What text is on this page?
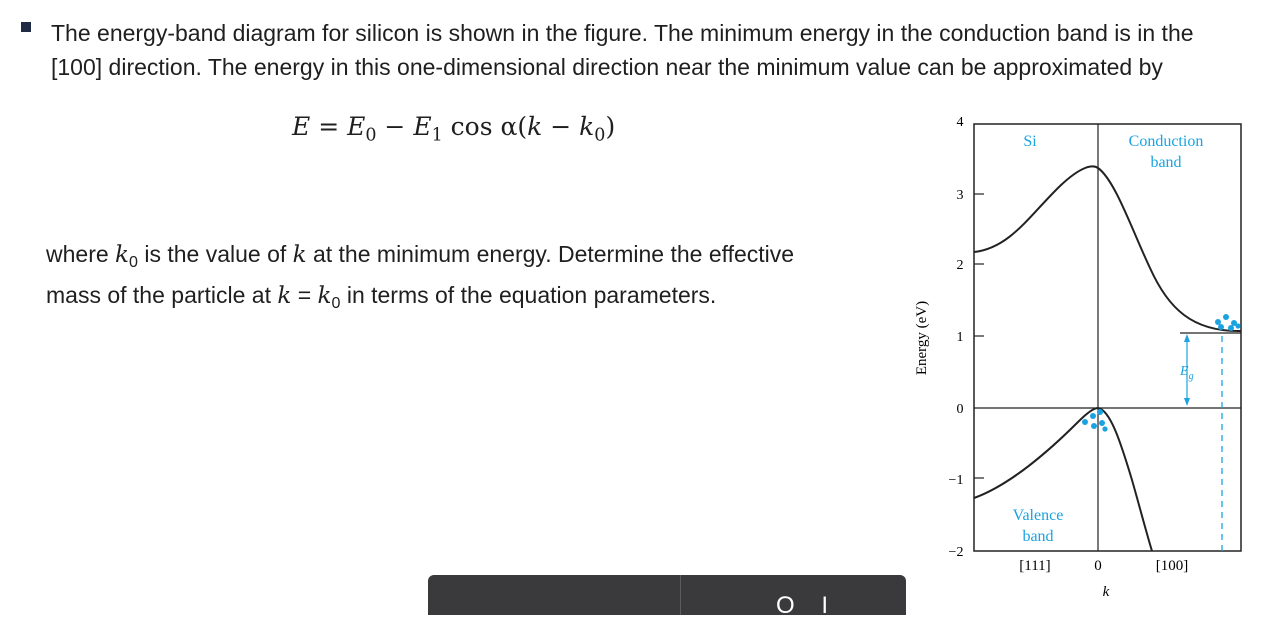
The energy-band diagram for silicon is shown in the figure. The minimum energy in the conduction band is in the
[100] direction. The energy in this one-dimensional direction near the minimum value can be approximated by
$E = E_0 - E_1$ $\cos \alpha(k - k_0)$
where $k_0$ is the value of k at the minimum energy. Determine the effective
mass of the particle at $k = k_0$ in terms of the equation parameters.
4
3
2
1
0
−1
−2
Energy (eV)	$E_g$
Si	Conduction
band
Valence
band
[111]	0	[100]
k
O    I
